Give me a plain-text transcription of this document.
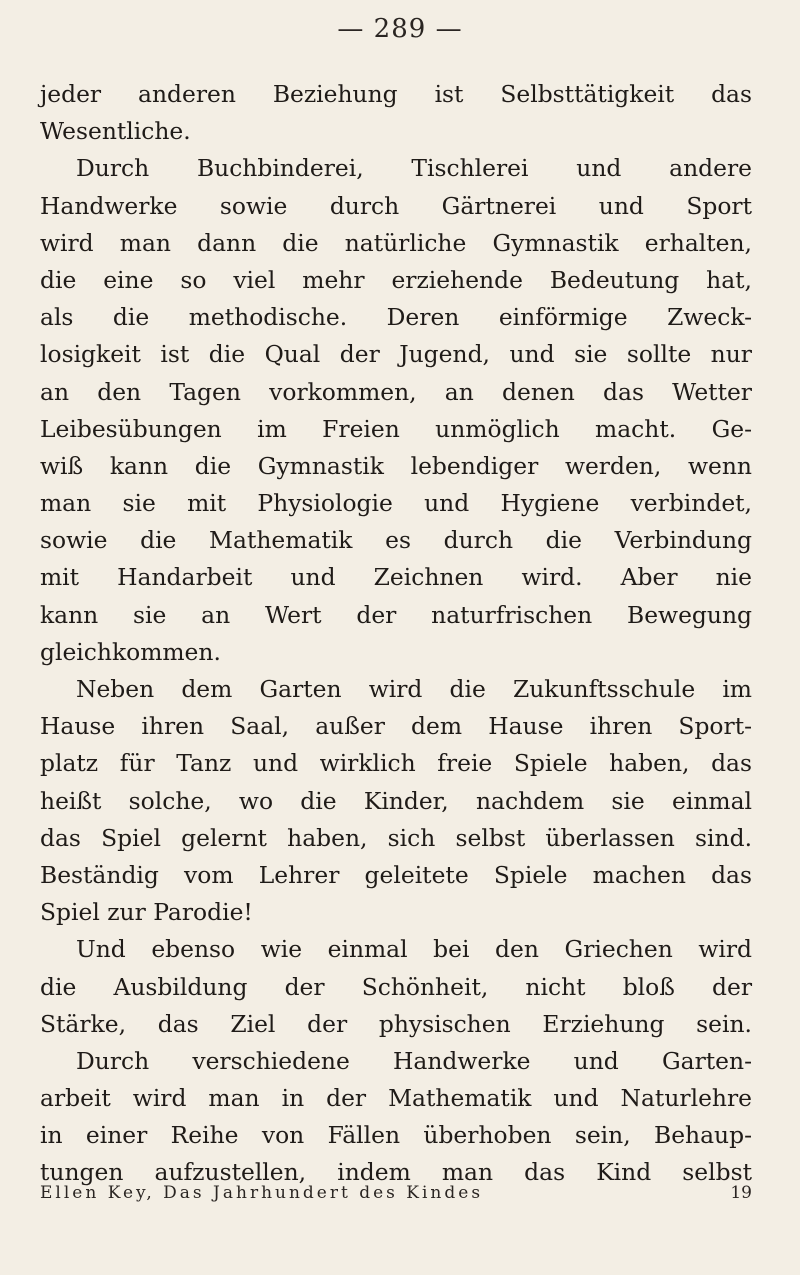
— 289 —
jeder anderen Beziehung ist Selbsttätigkeit das
Wesentliche.
Durch Buchbinderei, Tischlerei und andere
Handwerke sowie durch Gärtnerei und Sport
wird man dann die natürliche Gymnastik erhalten,
die eine so viel mehr erziehende Bedeutung hat,
als die methodische. Deren einförmige Zweck-
losigkeit ist die Qual der Jugend, und sie sollte nur
an den Tagen vorkommen, an denen das Wetter
Leibesübungen im Freien unmöglich macht. Ge-
wiß kann die Gymnastik lebendiger werden, wenn
man sie mit Physiologie und Hygiene verbindet,
sowie die Mathematik es durch die Verbindung
mit Handarbeit und Zeichnen wird. Aber nie
kann sie an Wert der naturfrischen Bewegung
gleichkommen.
Neben dem Garten wird die Zukunftsschule im
Hause ihren Saal, außer dem Hause ihren Sport-
platz für Tanz und wirklich freie Spiele haben, das
heißt solche, wo die Kinder, nachdem sie einmal
das Spiel gelernt haben, sich selbst überlassen sind.
Beständig vom Lehrer geleitete Spiele machen das
Spiel zur Parodie!
Und ebenso wie einmal bei den Griechen wird
die Ausbildung der Schönheit, nicht bloß der
Stärke, das Ziel der physischen Erziehung sein.
Durch verschiedene Handwerke und Garten-
arbeit wird man in der Mathematik und Naturlehre
in einer Reihe von Fällen überhoben sein, Behaup-
tungen aufzustellen, indem man das Kind selbst
Ellen Key, Das Jahrhundert des Kindes	19
